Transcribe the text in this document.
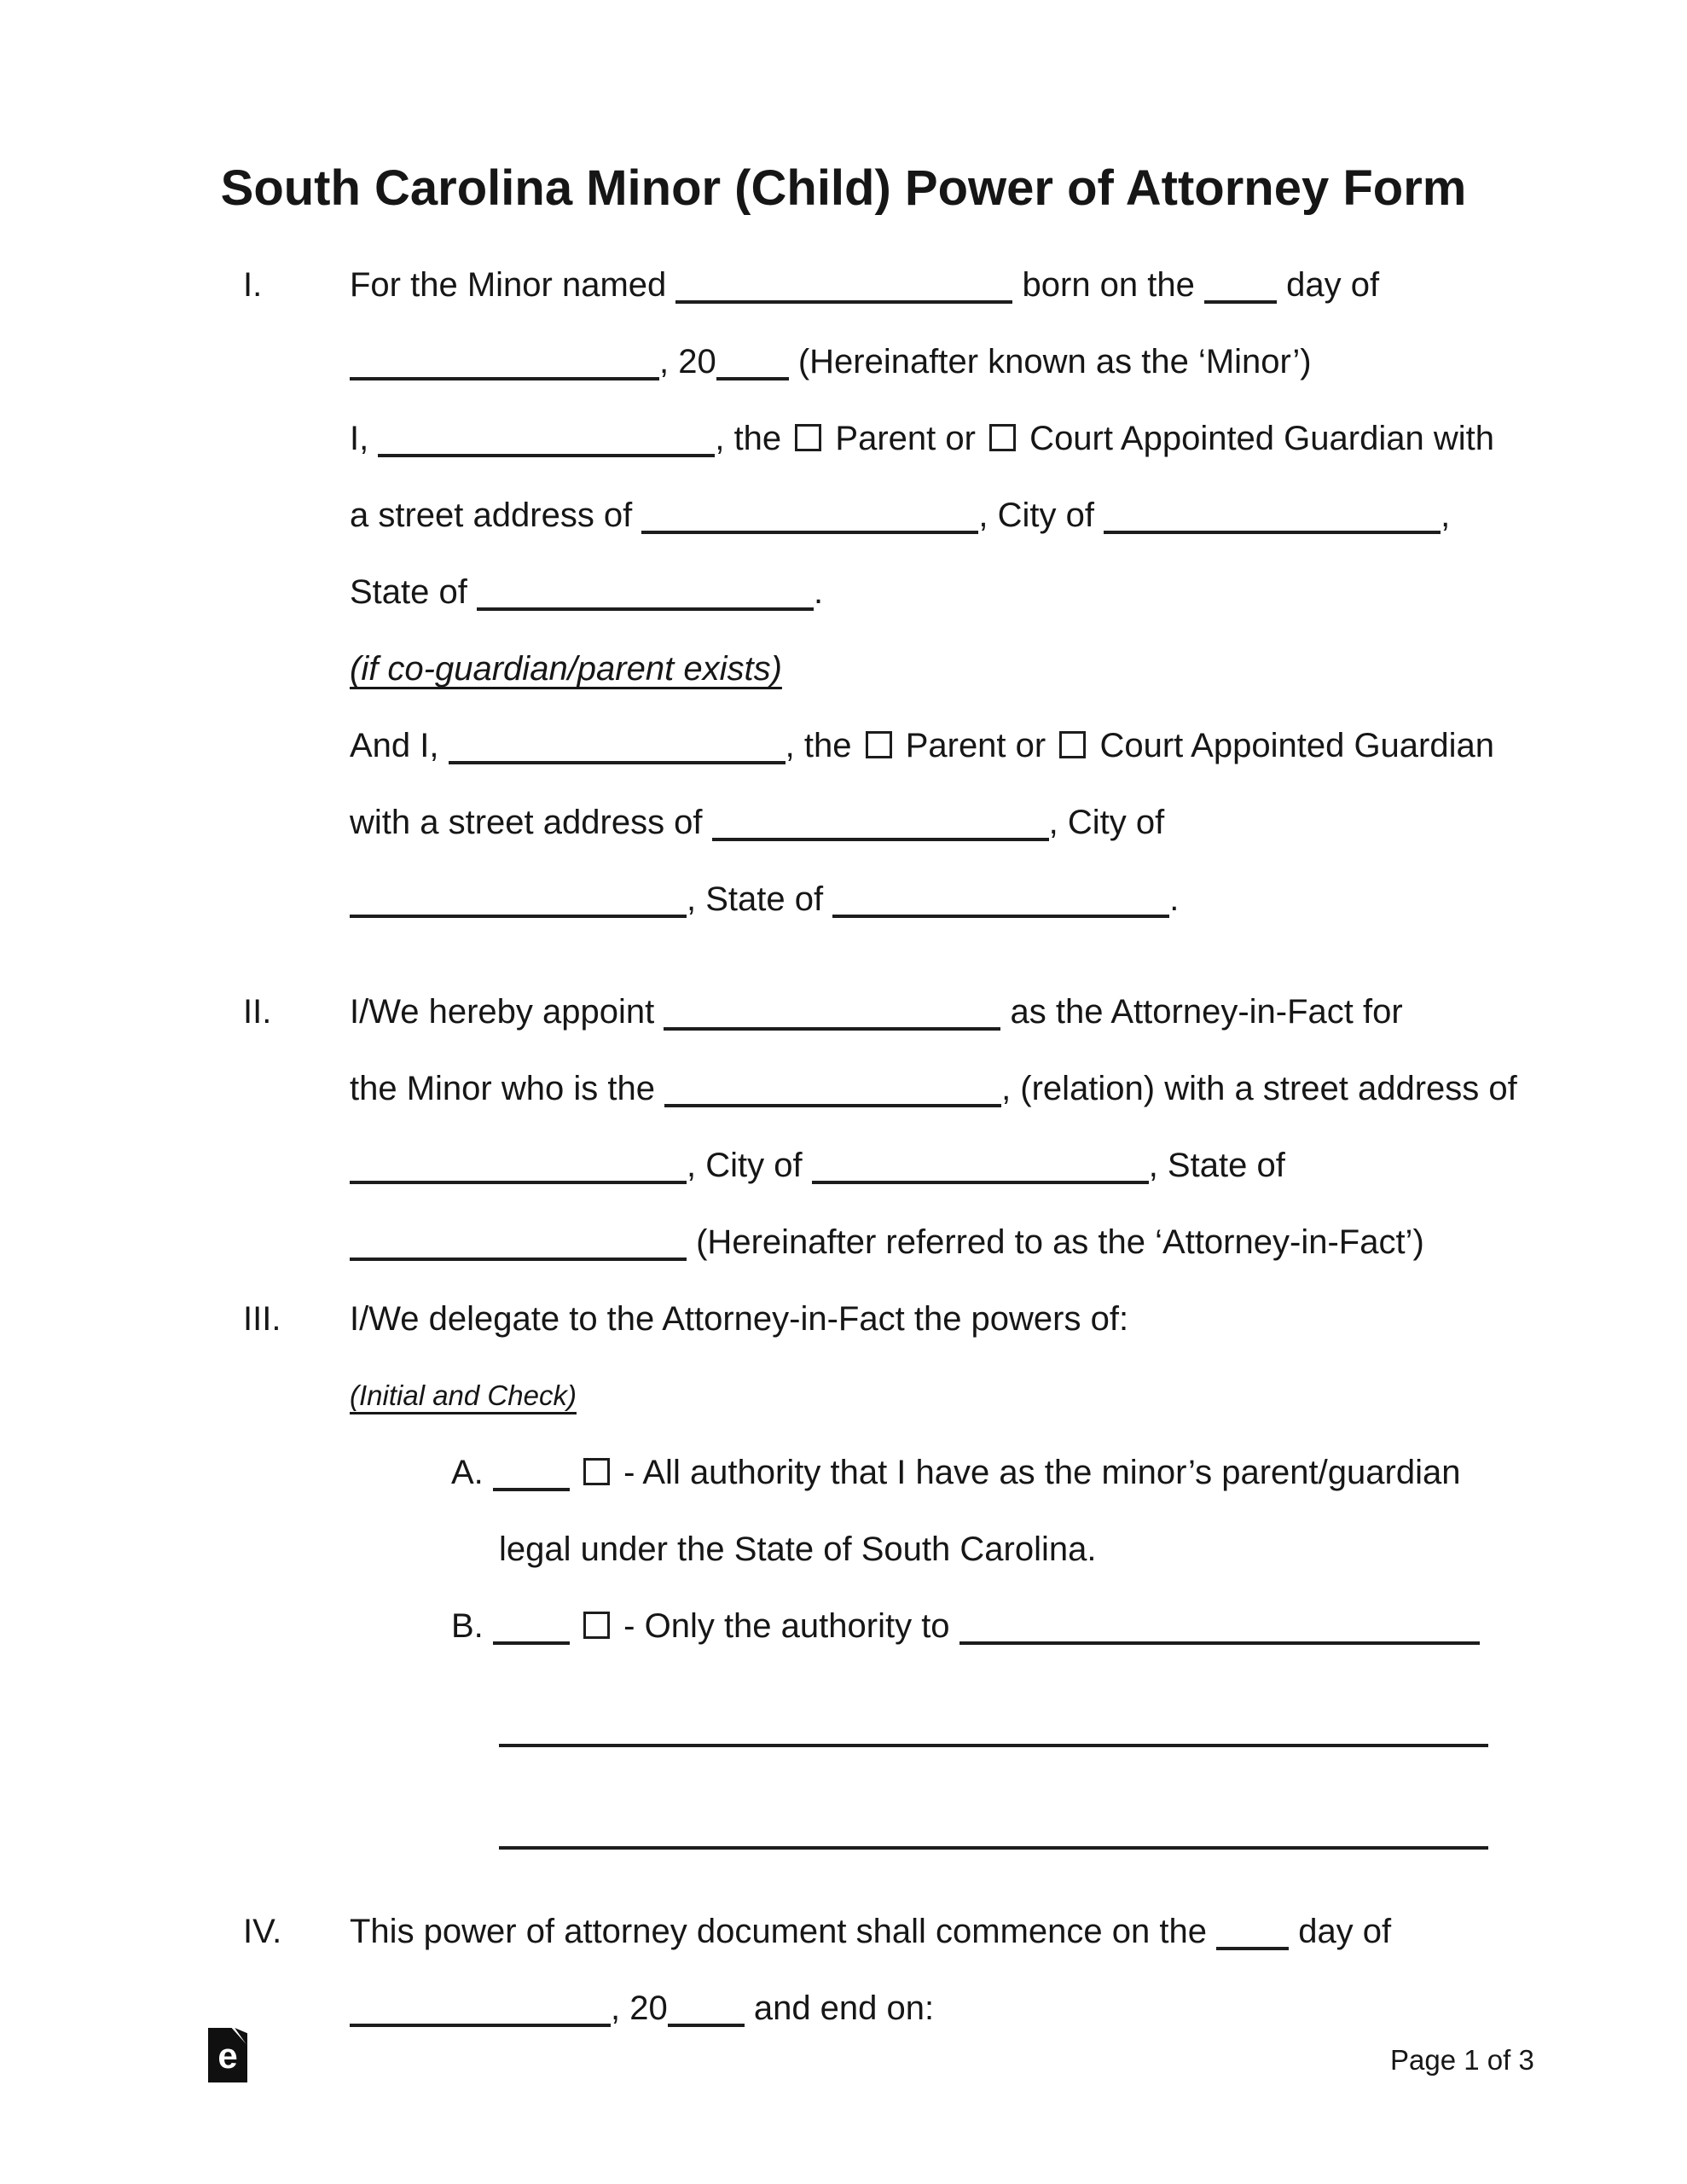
South Carolina Minor (Child) Power of Attorney Form
I.	For the Minor named	born on the  day of
, 20 (Hereinafter known as the ‘Minor’)
I,	, the  Parent or  Court Appointed Guardian with
a street address of	, City of	,
State of	.
(if co-guardian/parent exists)
And I,	, the  Parent or  Court Appointed Guardian
with a street address of	, City of
, State of	.
II. I/We hereby appoint	as the Attorney-in-Fact for
the Minor who is the	, (relation) with a street address of
, City of	, State of
(Hereinafter referred to as the ‘Attorney-in-Fact’)
III. I/We delegate to the Attorney-in-Fact the powers of:
(Initial and Check)
A.	- All authority that I have as the minor’s parent/guardian
legal under the State of South Carolina.
B.	- Only the authority to
IV. This power of attorney document shall commence on the  day of
, 20 and end on:
e	Page 1 of 3
